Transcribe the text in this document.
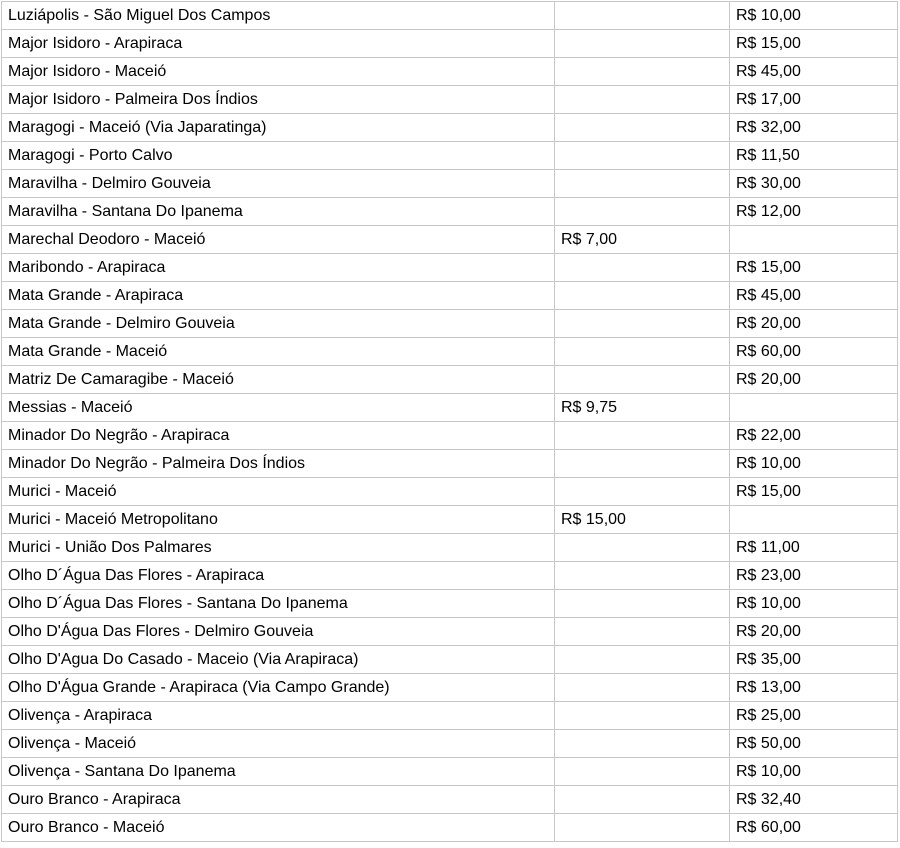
Luziápolis - São Miguel Dos Campos		R$ 10,00
Major Isidoro - Arapiraca		R$ 15,00
Major Isidoro - Maceió		R$ 45,00
Major Isidoro - Palmeira Dos Índios		R$ 17,00
Maragogi - Maceió (Via Japaratinga)		R$ 32,00
Maragogi - Porto Calvo		R$ 11,50
Maravilha - Delmiro Gouveia		R$ 30,00
Maravilha - Santana Do Ipanema		R$ 12,00
Marechal Deodoro - Maceió	R$ 7,00	
Maribondo - Arapiraca		R$ 15,00
Mata Grande - Arapiraca		R$ 45,00
Mata Grande - Delmiro Gouveia		R$ 20,00
Mata Grande - Maceió		R$ 60,00
Matriz De Camaragibe - Maceió		R$ 20,00
Messias - Maceió	R$ 9,75	
Minador Do Negrão - Arapiraca		R$ 22,00
Minador Do Negrão - Palmeira Dos Índios		R$ 10,00
Murici - Maceió		R$ 15,00
Murici - Maceió Metropolitano	R$ 15,00	
Murici - União Dos Palmares		R$ 11,00
Olho D´Água Das Flores - Arapiraca		R$ 23,00
Olho D´Água Das Flores - Santana Do Ipanema		R$ 10,00
Olho D'Água Das Flores - Delmiro Gouveia		R$ 20,00
Olho D'Agua Do Casado - Maceio (Via Arapiraca)		R$ 35,00
Olho D'Água Grande - Arapiraca (Via Campo Grande)		R$ 13,00
Olivença - Arapiraca		R$ 25,00
Olivença - Maceió		R$ 50,00
Olivença - Santana Do Ipanema		R$ 10,00
Ouro Branco - Arapiraca		R$ 32,40
Ouro Branco - Maceió		R$ 60,00
